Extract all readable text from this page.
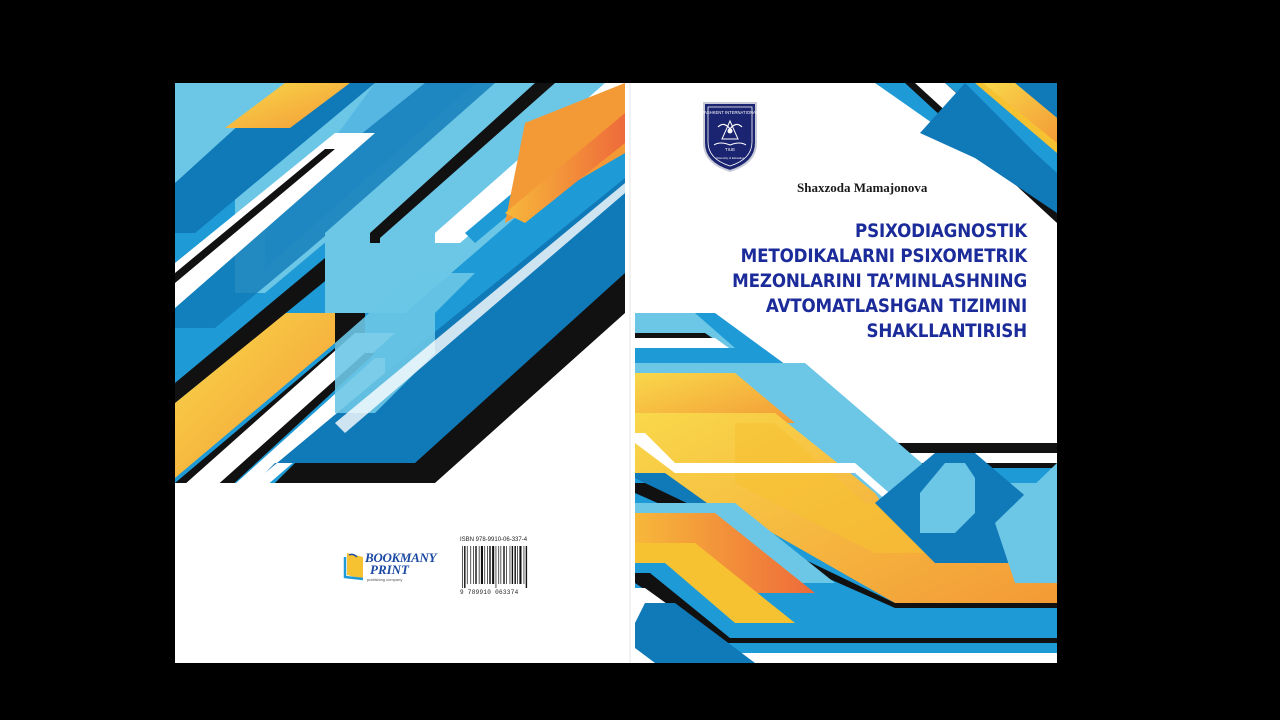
TASHKENT INTERNATIONAL
TIUE
University of Education
Shaxzoda Mamajonova
PSIXODIAGNOSTIK
METODIKALARNI PSIXOMETRIK
MEZONLARINI TA’MINLASHNING
AVTOMATLASHGAN TIZIMINI
SHAKLLANTIRISH
BOOKMANY
PRINT
publishing company
ISBN 978-9910-06-337-4
9 789910 063374
